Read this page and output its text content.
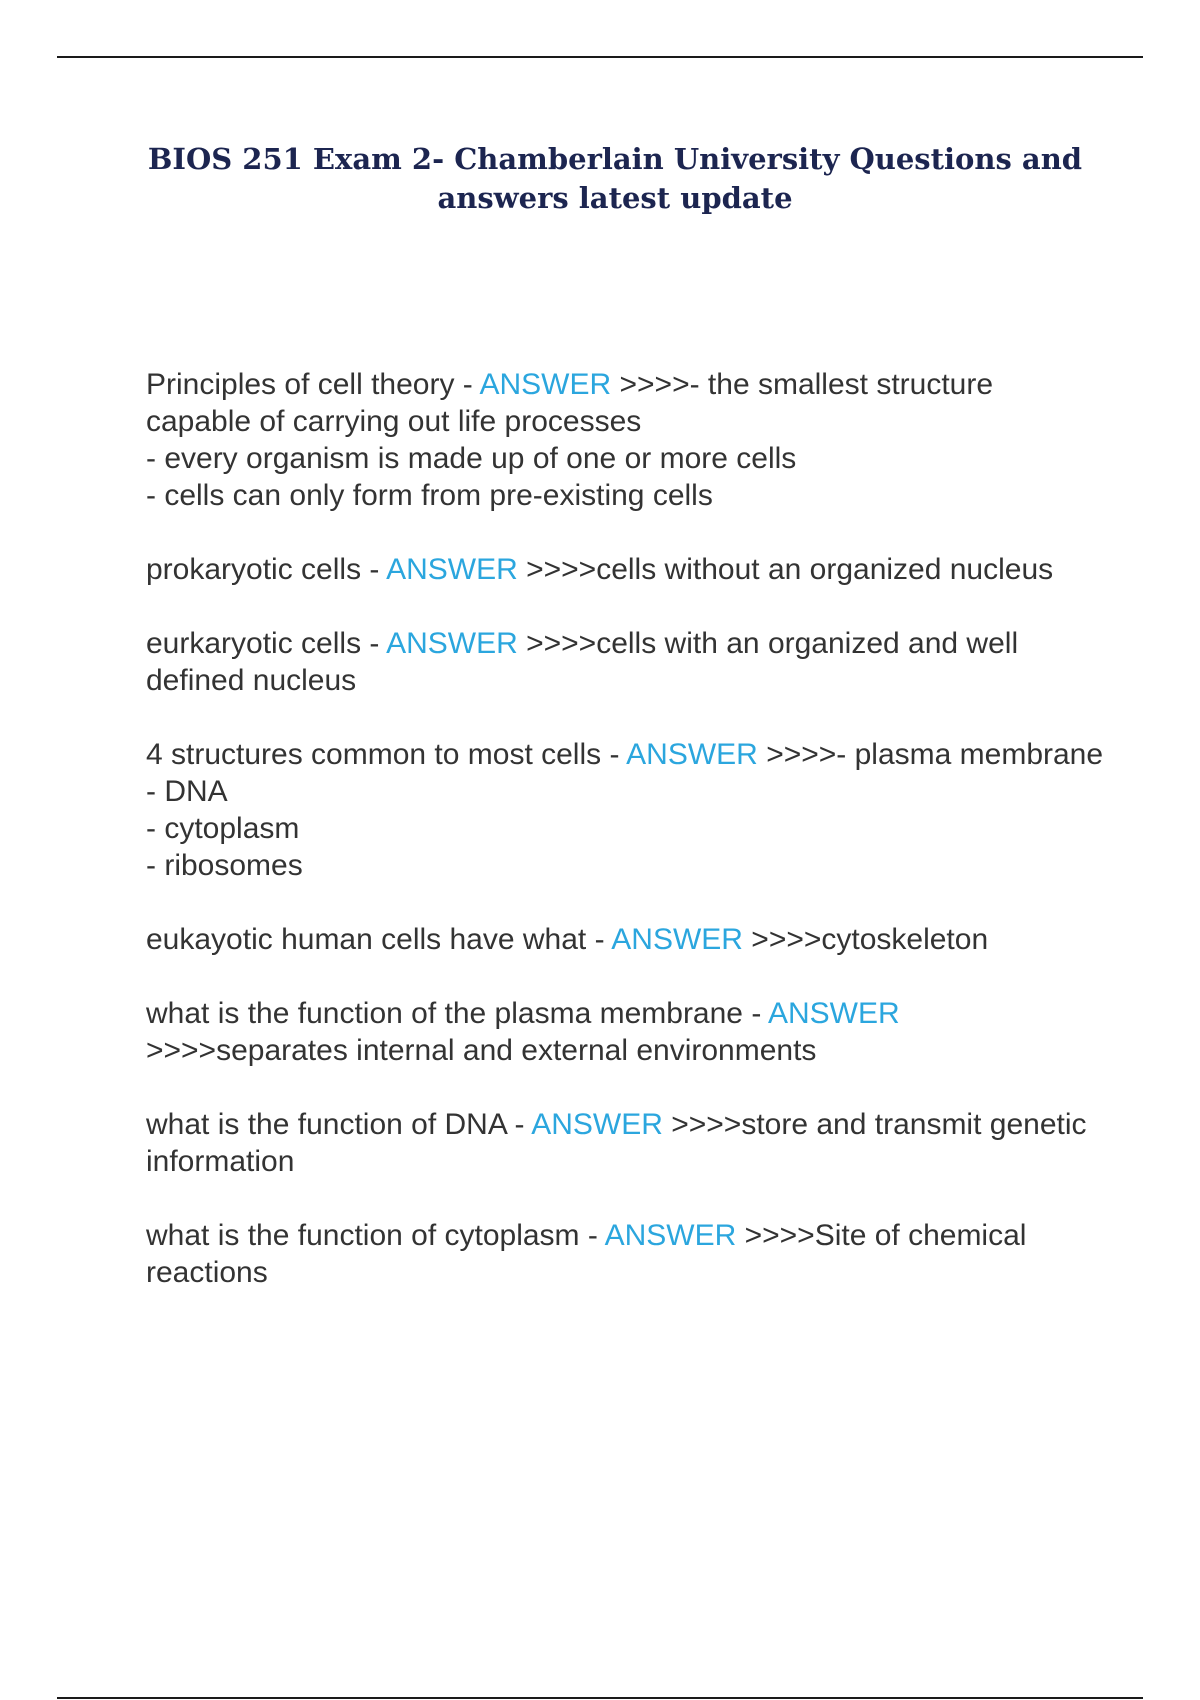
BIOS 251 Exam 2- Chamberlain University Questions and answers latest update

Principles of cell theory - ANSWER >>>>- the smallest structure capable of carrying out life processes
- every organism is made up of one or more cells
- cells can only form from pre-existing cells

prokaryotic cells - ANSWER >>>>cells without an organized nucleus

eurkaryotic cells - ANSWER >>>>cells with an organized and well defined nucleus

4 structures common to most cells - ANSWER >>>>- plasma membrane
- DNA
- cytoplasm
- ribosomes

eukayotic human cells have what - ANSWER >>>>cytoskeleton

what is the function of the plasma membrane - ANSWER >>>>separates internal and external environments

what is the function of DNA - ANSWER >>>>store and transmit genetic information

what is the function of cytoplasm - ANSWER >>>>Site of chemical reactions
